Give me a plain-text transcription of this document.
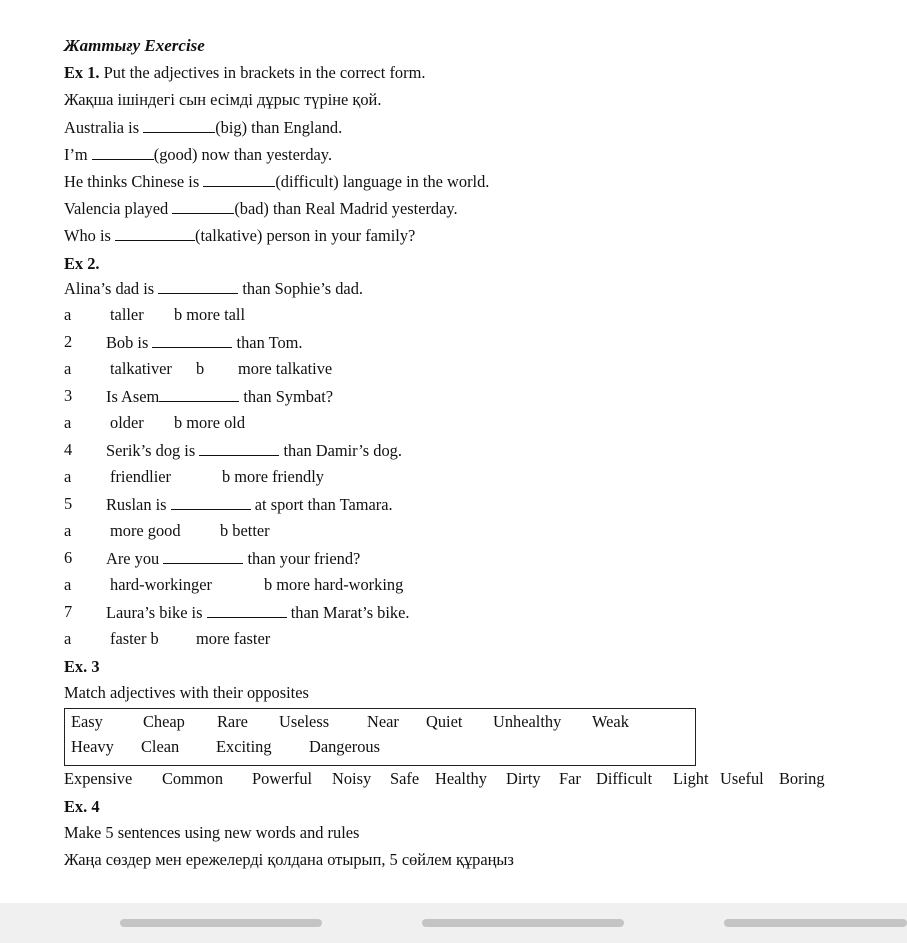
Жаттығу Exercise
Ex 1. Put the adjectives in brackets in the correct form.
Жақша ішіндегі сын есімді дұрыс түріне қой.
Australia is	(big) than England.
I’m	(good) now than yesterday.
He thinks Chinese is	(difficult) language in the world.
Valencia played	(bad) than Real Madrid yesterday.
Who is	(talkative) person in your family?
Ex 2.
Alina’s dad is	than Sophie’s dad.
a taller b more tall
2 Bob is	than Tom.
a talkativer b more talkative
3 Is Asem	than Symbat?
a older b more old
4 Serik’s dog is	than Damir’s dog.
a friendlier	b more friendly
5 Ruslan is	at sport than Tamara.
a more good b better
6 Are you	than your friend?
a hard-workinger	b more hard-working
7 Laura’s bike is	than Marat’s bike.
a faster b more faster
Ex. 3
Match adjectives with their opposites
Easy Cheap Rare Useless Near Quiet Unhealthy Weak
Heavy Clean Exciting Dangerous
Expensive Common Powerful Noisy Safe Healthy Dirty Far Difficult Light Useful Boring
Ex. 4
Make 5 sentences using new words and rules
Жаңа сөздер мен ережелерді қолдана отырып, 5 сөйлем құраңыз
